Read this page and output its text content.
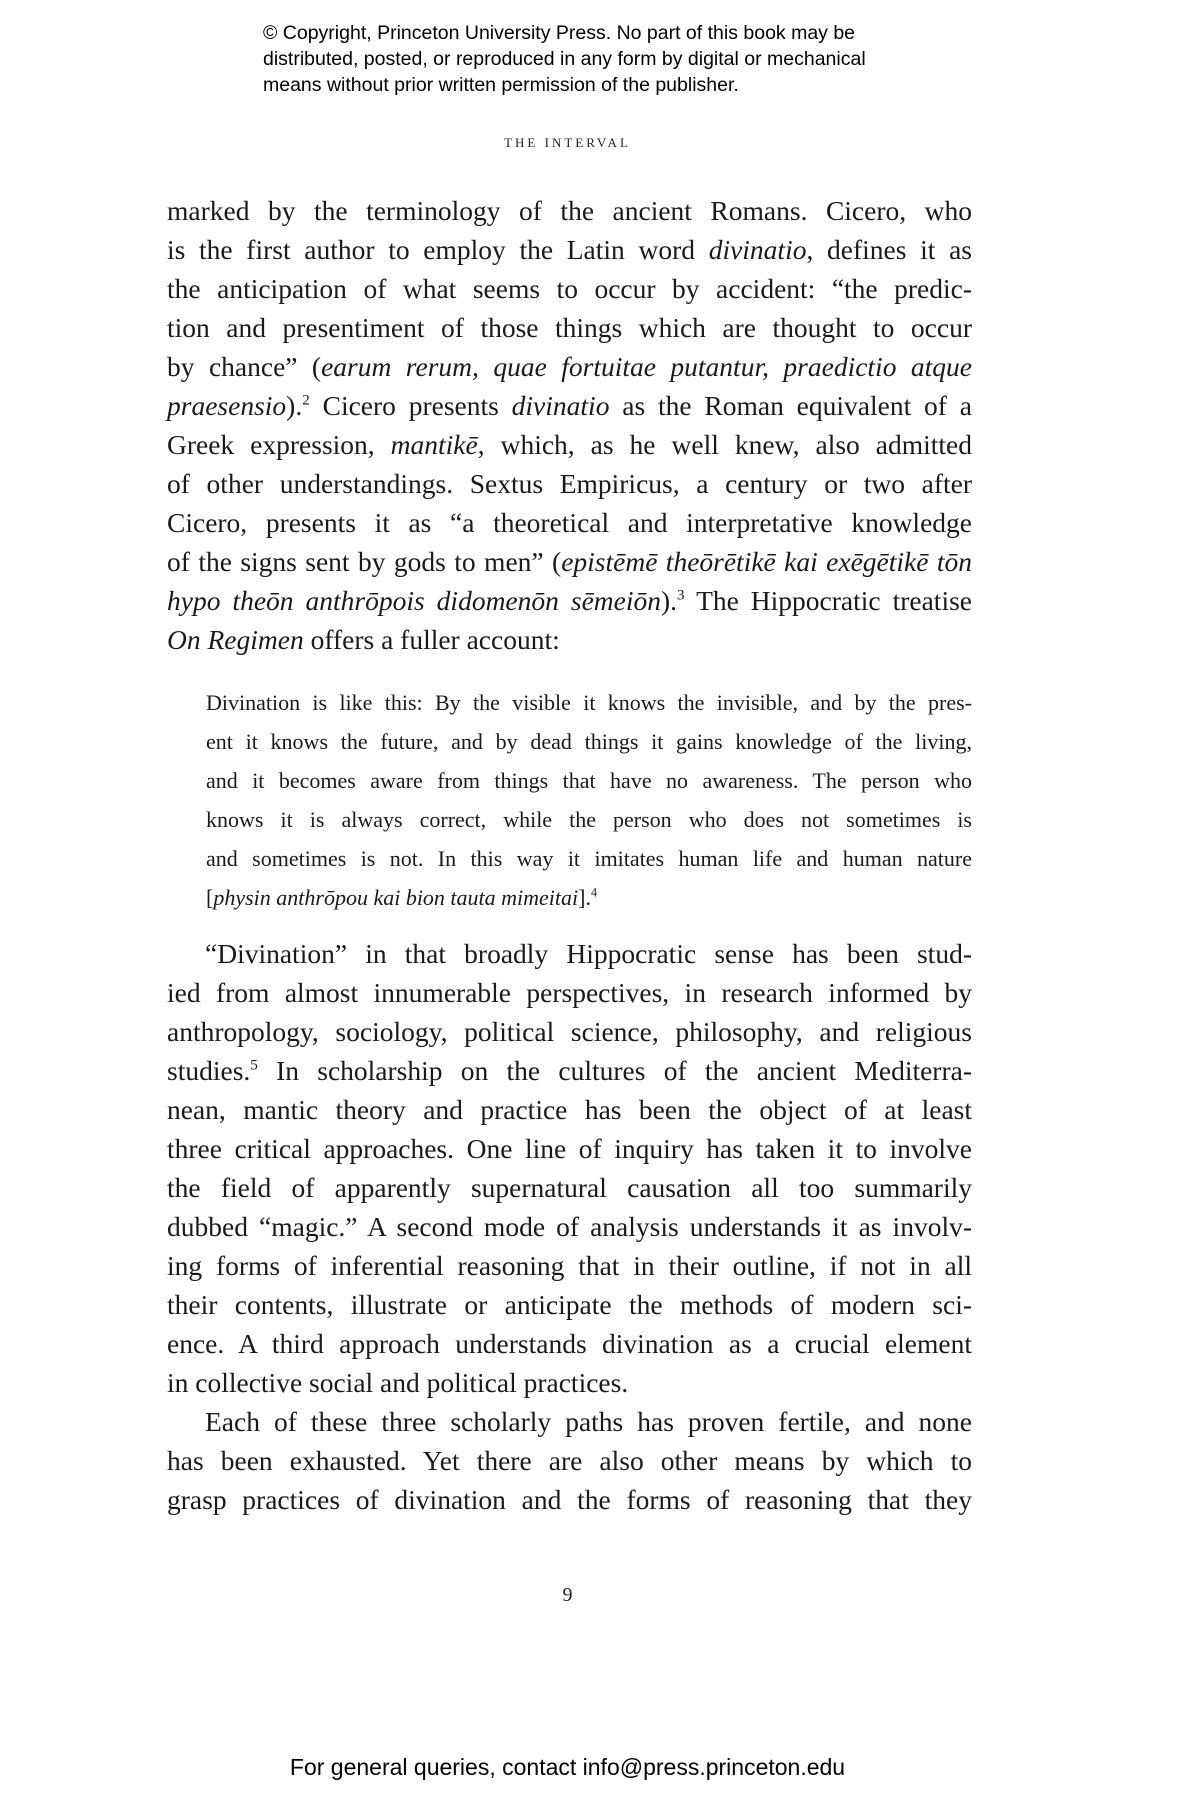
© Copyright, Princeton University Press. No part of this book may be
distributed, posted, or reproduced in any form by digital or mechanical
means without prior written permission of the publisher.
THE INTERVAL
marked by the terminology of the ancient Romans. Cicero, who
is the first author to employ the Latin word divinatio, defines it as
the anticipation of what seems to occur by accident: “the predic-
tion and presentiment of those things which are thought to occur
by chance” (earum rerum, quae fortuitae putantur, praedictio atque
praesensio).$^2$ Cicero presents divinatio as the Roman equivalent of a
Greek expression, mantikē, which, as he well knew, also admitted
of other understandings. Sextus Empiricus, a century or two after
Cicero, presents it as “a theoretical and interpretative knowledge
of the signs sent by gods to men” (epistēmē theōrētikē kai exēgētikē tōn
hypo theōn anthrōpois didomenōn sēmeiōn).$^3$ The Hippocratic treatise
On Regimen offers a fuller account:
Divination is like this: By the visible it knows the invisible, and by the pres-
ent it knows the future, and by dead things it gains knowledge of the living,
and it becomes aware from things that have no awareness. The person who
knows it is always correct, while the person who does not sometimes is
and sometimes is not. In this way it imitates human life and human nature
[physin anthrōpou kai bion tauta mimeitai].$^4$
“Divination” in that broadly Hippocratic sense has been stud-
ied from almost innumerable perspectives, in research informed by
anthropology, sociology, political science, philosophy, and religious
studies.$^5$ In scholarship on the cultures of the ancient Mediterra-
nean, mantic theory and practice has been the object of at least
three critical approaches. One line of inquiry has taken it to involve
the field of apparently supernatural causation all too summarily
dubbed “magic.” A second mode of analysis understands it as involv-
ing forms of inferential reasoning that in their outline, if not in all
their contents, illustrate or anticipate the methods of modern sci-
ence. A third approach understands divination as a crucial element
in collective social and political practices.
Each of these three scholarly paths has proven fertile, and none
has been exhausted. Yet there are also other means by which to
grasp practices of divination and the forms of reasoning that they
9
For general queries, contact info@press.princeton.edu
